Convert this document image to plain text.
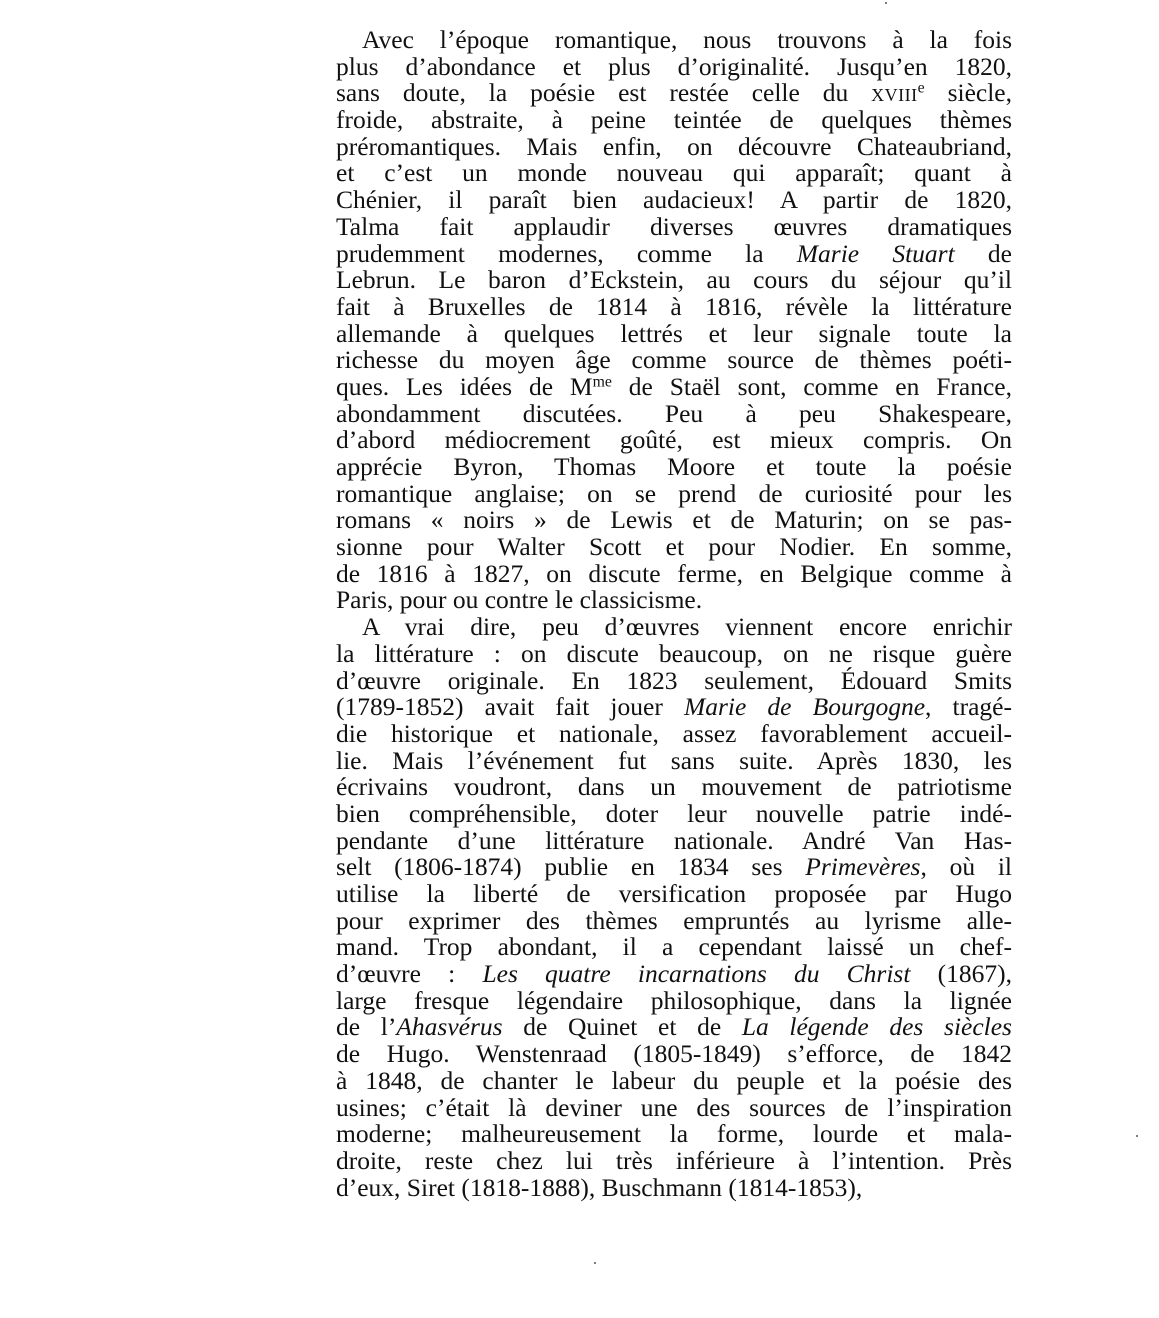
Avec l’époque romantique, nous trouvons à la fois
plus d’abondance et plus d’originalité. Jusqu’en 1820,
sans doute, la poésie est restée celle du xviii$^e$ siècle,
froide, abstraite, à peine teintée de quelques thèmes
préromantiques. Mais enfin, on découvre Chateaubriand,
et c’est un monde nouveau qui apparaît; quant à
Chénier, il paraît bien audacieux! A partir de 1820,
Talma fait applaudir diverses œuvres dramatiques
prudemment modernes, comme la Marie Stuart de
Lebrun. Le baron d’Eckstein, au cours du séjour qu’il
fait à Bruxelles de 1814 à 1816, révèle la littérature
allemande à quelques lettrés et leur signale toute la
richesse du moyen âge comme source de thèmes poéti-
ques. Les idées de $M^{me}$ de Staël sont, comme en France,
abondamment discutées. Peu à peu Shakespeare,
d’abord médiocrement goûté, est mieux compris. On
apprécie Byron, Thomas Moore et toute la poésie
romantique anglaise; on se prend de curiosité pour les
romans « noirs » de Lewis et de Maturin; on se pas-
sionne pour Walter Scott et pour Nodier. En somme,
de 1816 à 1827, on discute ferme, en Belgique comme à
Paris, pour ou contre le classicisme.
A vrai dire, peu d’œuvres viennent encore enrichir
la littérature : on discute beaucoup, on ne risque guère
d’œuvre originale. En 1823 seulement, Édouard Smits
(1789-1852) avait fait jouer Marie de Bourgogne, tragé-
die historique et nationale, assez favorablement accueil-
lie. Mais l’événement fut sans suite. Après 1830, les
écrivains voudront, dans un mouvement de patriotisme
bien compréhensible, doter leur nouvelle patrie indé-
pendante d’une littérature nationale. André Van Has-
selt (1806-1874) publie en 1834 ses Primevères, où il
utilise la liberté de versification proposée par Hugo
pour exprimer des thèmes empruntés au lyrisme alle-
mand. Trop abondant, il a cependant laissé un chef-
d’œuvre : Les quatre incarnations du Christ (1867),
large fresque légendaire philosophique, dans la lignée
de l’Ahasvérus de Quinet et de La légende des siècles
de Hugo. Wenstenraad (1805-1849) s’efforce, de 1842
à 1848, de chanter le labeur du peuple et la poésie des
usines; c’était là deviner une des sources de l’inspiration
moderne; malheureusement la forme, lourde et mala-
droite, reste chez lui très inférieure à l’intention. Près
d’eux, Siret (1818-1888), Buschmann (1814-1853),
